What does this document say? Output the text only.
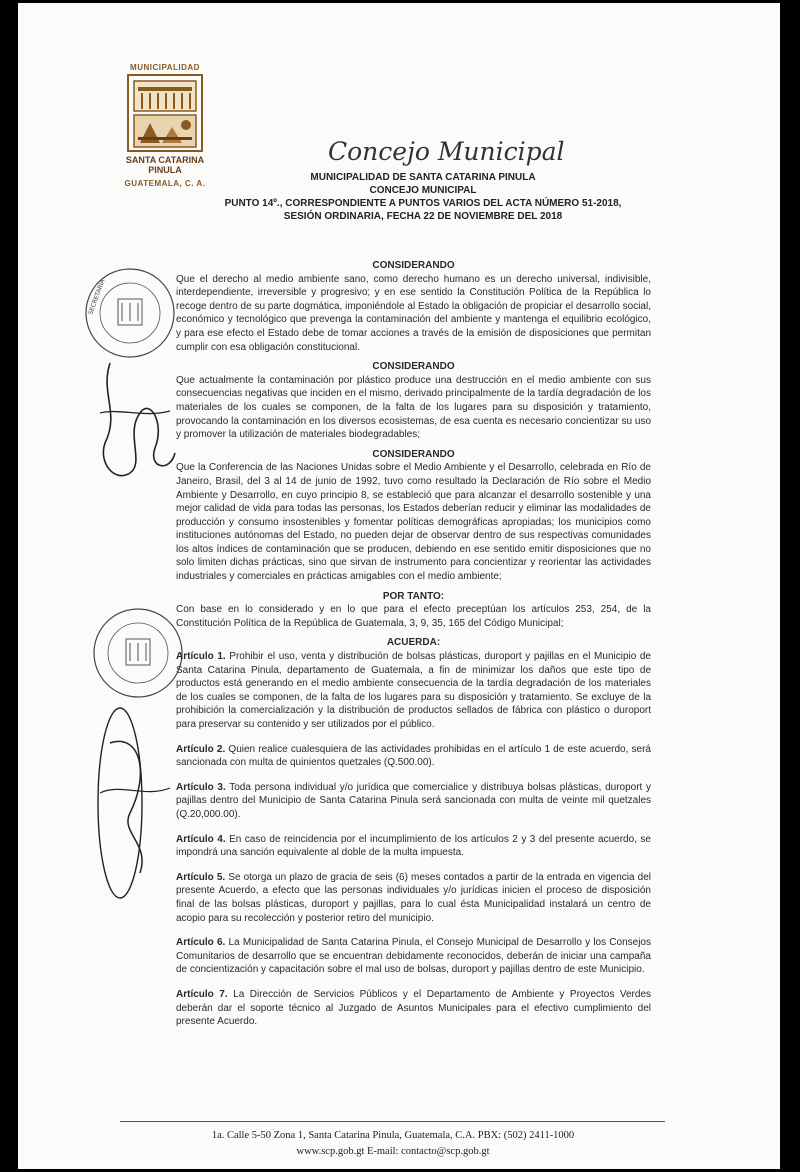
MUNICIPALIDAD
SANTA CATARINA
PINULA
GUATEMALA, C. A.
Concejo Municipal
MUNICIPALIDAD DE SANTA CATARINA PINULA
CONCEJO MUNICIPAL
PUNTO 14º., CORRESPONDIENTE A PUNTOS VARIOS DEL ACTA NÚMERO 51-2018,
SESIÓN ORDINARIA, FECHA 22 DE NOVIEMBRE DEL 2018
SECRETARIA

CONSIDERANDO

Que el derecho al medio ambiente sano, como derecho humano es un derecho universal, indivisible, interdependiente, irreversible y progresivo; y en ese sentido la Constitución Política de la República lo recoge dentro de su parte dogmática, imponiéndole al Estado la obligación de propiciar el desarrollo social, económico y tecnológico que prevenga la contaminación del ambiente y mantenga el equilibrio ecológico, y para ese efecto el Estado debe de tomar acciones a través de la emisión de disposiciones que permitan cumplir con esa obligación constitucional.

CONSIDERANDO

Que actualmente la contaminación por plástico produce una destrucción en el medio ambiente con sus consecuencias negativas que inciden en el mismo, derivado principalmente de la tardía degradación de los materiales de los cuales se componen, de la falta de los lugares para su disposición y tratamiento, provocando la contaminación en los diversos ecosistemas, de esa cuenta es necesario concientizar su uso y promover la utilización de materiales biodegradables;

CONSIDERANDO

Que la Conferencia de las Naciones Unidas sobre el Medio Ambiente y el Desarrollo, celebrada en Río de Janeiro, Brasil, del 3 al 14 de junio de 1992, tuvo como resultado la Declaración de Río sobre el Medio Ambiente y Desarrollo, en cuyo principio 8, se estableció que para alcanzar el desarrollo sostenible y una mejor calidad de vida para todas las personas, los Estados deberían reducir y eliminar las modalidades de producción y consumo insostenibles y fomentar políticas demográficas apropiadas; los municipios como instituciones autónomas del Estado, no pueden dejar de observar dentro de sus respectivas comunidades los altos índices de contaminación que se producen, debiendo en ese sentido emitir disposiciones que no solo limiten dichas prácticas, sino que sirvan de instrumento para concientizar y reorientar las actividades industriales y comerciales en prácticas amigables con el medio ambiente;

POR TANTO:

Con base en lo considerado y en lo que para el efecto preceptúan los artículos 253, 254, de la Constitución Política de la República de Guatemala, 3, 9, 35, 165 del Código Municipal;

ACUERDA:

Artículo 1. Prohibir el uso, venta y distribución de bolsas plásticas, duroport y pajillas en el Municipio de Santa Catarina Pinula, departamento de Guatemala, a fin de minimizar los daños que este tipo de productos está generando en el medio ambiente consecuencia de la tardía degradación de los materiales de los cuales se componen, de la falta de los lugares para su disposición y tratamiento. Se excluye de la prohibición la comercialización y la distribución de productos sellados de fábrica con plástico o duroport para preservar su contenido y ser utilizados por el público.

Artículo 2. Quien realice cualesquiera de las actividades prohibidas en el artículo 1 de este acuerdo, será sancionada con multa de quinientos quetzales (Q.500.00).

Artículo 3. Toda persona individual y/o jurídica que comercialice y distribuya bolsas plásticas, duroport y pajillas dentro del Municipio de Santa Catarina Pinula será sancionada con multa de veinte mil quetzales (Q.20,000.00).

Artículo 4. En caso de reincidencia por el incumplimiento de los artículos 2 y 3 del presente acuerdo, se impondrá una sanción equivalente al doble de la multa impuesta.

Artículo 5. Se otorga un plazo de gracia de seis (6) meses contados a partir de la entrada en vigencia del presente Acuerdo, a efecto que las personas individuales y/o jurídicas inicien el proceso de disposición final de las bolsas plásticas, duroport y pajillas, para lo cual ésta Municipalidad instalará un centro de acopio para su recolección y posterior retiro del municipio.

Artículo 6. La Municipalidad de Santa Catarina Pinula, el Consejo Municipal de Desarrollo y los Consejos Comunitarios de desarrollo que se encuentran debidamente reconocidos, deberán de iniciar una campaña de concientización y capacitación sobre el mal uso de bolsas, duroport y pajillas dentro de este Municipio.

Artículo 7. La Dirección de Servicios Públicos y el Departamento de Ambiente y Proyectos Verdes deberán dar el soporte técnico al Juzgado de Asuntos Municipales para el efectivo cumplimiento del presente Acuerdo.

1a. Calle 5-50 Zona 1, Santa Catarina Pinula, Guatemala, C.A. PBX: (502) 2411-1000
www.scp.gob.gt E-mail: contacto@scp.gob.gt
